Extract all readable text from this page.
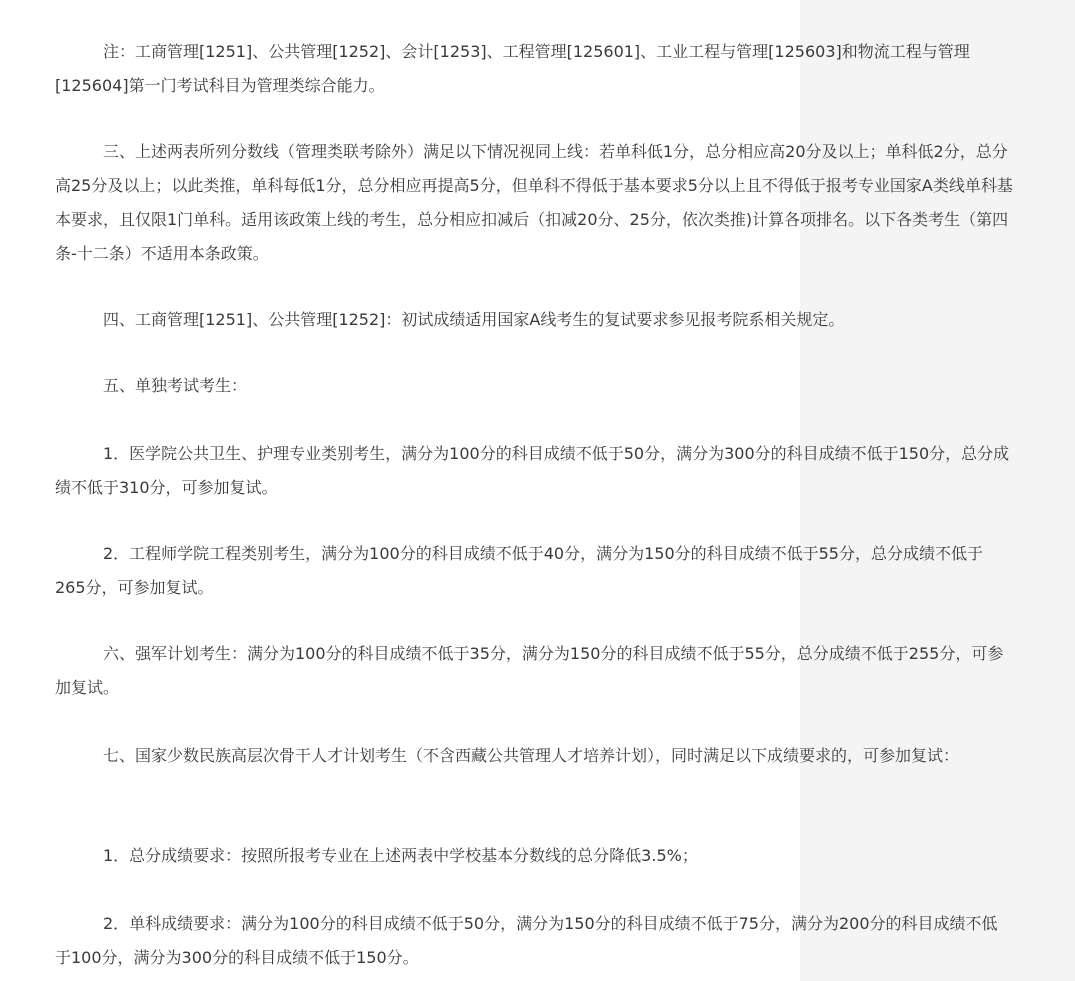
注：工商管理[1251]、公共管理[1252]、会计[1253]、工程管理[125601]、工业工程与管理[125603]和物流工程与管理[125604]第一门考试科目为管理类综合能力。

三、上述两表所列分数线（管理类联考除外）满足以下情况视同上线：若单科低1分，总分相应高20分及以上；单科低2分，总分高25分及以上；以此类推，单科每低1分，总分相应再提高5分，但单科不得低于基本要求5分以上且不得低于报考专业国家A类线单科基本要求，且仅限1门单科。适用该政策上线的考生，总分相应扣减后（扣减20分、25分，依次类推)计算各项排名。以下各类考生（第四条-十二条）不适用本条政策。

四、工商管理[1251]、公共管理[1252]：初试成绩适用国家A线考生的复试要求参见报考院系相关规定。

五、单独考试考生：

1．医学院公共卫生、护理专业类别考生，满分为100分的科目成绩不低于50分，满分为300分的科目成绩不低于150分，总分成绩不低于310分，可参加复试。

2．工程师学院工程类别考生，满分为100分的科目成绩不低于40分，满分为150分的科目成绩不低于55分，总分成绩不低于265分，可参加复试。

六、强军计划考生：满分为100分的科目成绩不低于35分，满分为150分的科目成绩不低于55分，总分成绩不低于255分，可参加复试。

七、国家少数民族高层次骨干人才计划考生（不含西藏公共管理人才培养计划），同时满足以下成绩要求的，可参加复试：

1．总分成绩要求：按照所报考专业在上述两表中学校基本分数线的总分降低3.5%；

2．单科成绩要求：满分为100分的科目成绩不低于50分，满分为150分的科目成绩不低于75分，满分为200分的科目成绩不低于100分，满分为300分的科目成绩不低于150分。
